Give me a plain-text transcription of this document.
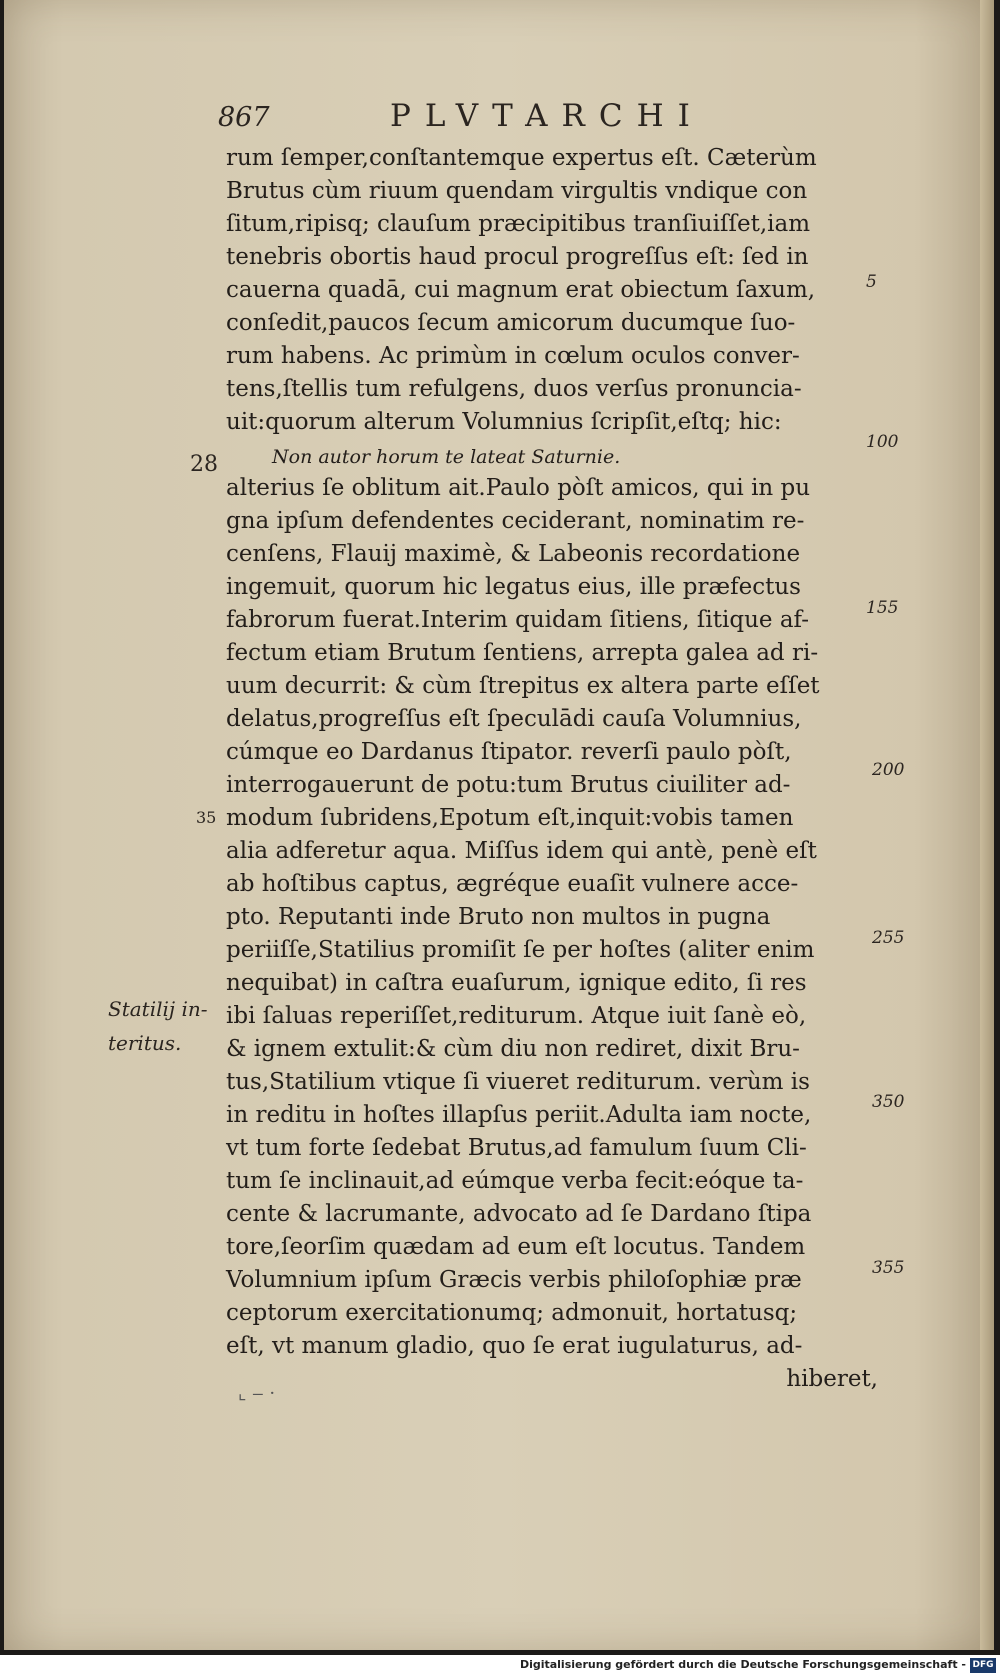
867	PLVTARCHI
rum ſemper,conſtantemque expertus eſt. Cæterùm
Brutus cùm riuum quendam virgultis vndique con
ſitum,ripisq; clauſum præcipitibus tranſiuiſſet,iam
tenebris obortis haud procul progreſſus eſt: ſed in
cauerna quadā, cui magnum erat obiectum ſaxum,
conſedit,paucos ſecum amicorum ducumque ſuo-
rum habens. Ac primùm in cœlum oculos conver-
tens,ſtellis tum refulgens, duos verſus pronuncia-
uit:quorum alterum Volumnius ſcripſit,eſtq; hic:
Non autor horum te lateat Saturnie.
alterius ſe oblitum ait.Paulo pòſt amicos, qui in pu
gna ipſum defendentes ceciderant, nominatim re-
cenſens, Flauij maximè, & Labeonis recordatione
ingemuit, quorum hic legatus eius, ille præfectus
fabrorum fuerat.Interim quidam ſitiens, ſitique af-
fectum etiam Brutum ſentiens, arrepta galea ad ri-
uum decurrit: & cùm ſtrepitus ex altera parte eſſet
delatus,progreſſus eſt ſpeculādi cauſa Volumnius,
cúmque eo Dardanus ſtipator. reverſi paulo pòſt,
interrogauerunt de potu:tum Brutus ciuiliter ad-
modum ſubridens,Epotum eſt,inquit:vobis tamen
alia adferetur aqua. Miſſus idem qui antè, penè eſt
ab hoſtibus captus, ægréque euaſit vulnere acce-
pto. Reputanti inde Bruto non multos in pugna
periiſſe,Statilius promiſit ſe per hoſtes (aliter enim
nequibat) in caſtra euaſurum, ignique edito, ſi res
ibi ſaluas reperiſſet,rediturum. Atque iuit ſanè eò,
& ignem extulit:& cùm diu non rediret, dixit Bru-
tus,Statilium vtique ſi viueret rediturum. verùm is
in reditu in hoſtes illapſus periit.Adulta iam nocte,
vt tum forte ſedebat Brutus,ad famulum ſuum Cli-
tum ſe inclinauit,ad eúmque verba fecit:eóque ta-
cente & lacrumante, advocato ad ſe Dardano ſtipa
tore,ſeorſim quædam ad eum eſt locutus. Tandem
Volumnium ipſum Græcis verbis philoſophiæ præ
ceptorum exercitationumq; admonuit, hortatusq;
eſt, vt manum gladio, quo ſe erat iugulaturus, ad-
hiberet,
5
100
155
200
255
350
355
28
35
Statilij in-
teritus.
⌞ ‒ ·
Digitalisierung gefördert durch die Deutsche Forschungsgemeinschaft - DFG
